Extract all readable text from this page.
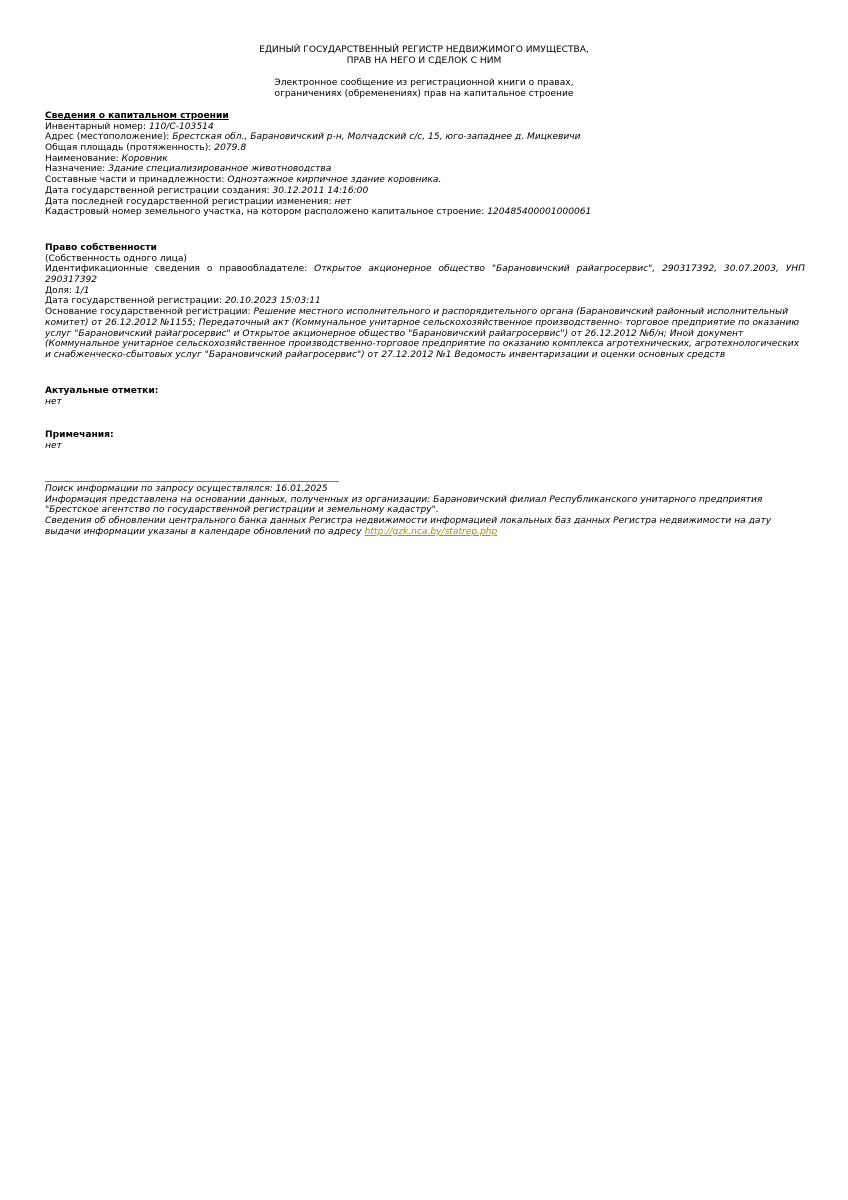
ЕДИНЫЙ ГОСУДАРСТВЕННЫЙ РЕГИСТР НЕДВИЖИМОГО ИМУЩЕСТВА,
ПРАВ НА НЕГО И СДЕЛОК С НИМ
Электронное сообщение из регистрационной книги о правах,
ограничениях (обременениях) прав на капитальное строение
Сведения о капитальном строении
Инвентарный номер: 110/C-103514
Адрес (местоположение): Брестская обл., Барановичский р-н, Молчадский с/с, 15, юго-западнее д. Мицкевичи
Общая площадь (протяженность): 2079.8
Наименование: Коровник
Назначение: Здание специализированное животноводства
Составные части и принадлежности: Одноэтажное кирпичное здание коровника.
Дата государственной регистрации создания: 30.12.2011 14:16:00
Дата последней государственной регистрации изменения: нет
Кадастровый номер земельного участка, на котором расположено капитальное строение: 120485400001000061
Право собственности
(Собственность одного лица)
Идентификационные сведения о правообладателе: Открытое акционерное общество "Барановичский райагросервис", 290317392, 30.07.2003, УНП 290317392
Доля: 1/1
Дата государственной регистрации: 20.10.2023 15:03:11
Основание государственной регистрации: Решение местного исполнительного и распорядительного органа (Барановичский районный исполнительный комитет) от 26.12.2012 №1155; Передаточный акт (Коммунальное унитарное сельскохозяйственное производственно- торговое предприятие по оказанию услуг "Барановичский райагросервис" и Открытое акционерное общество "Барановичский райагросервис") от 26.12.2012 №б/н; Иной документ (Коммунальное унитарное сельскохозяйственное производственно-торговое предприятие по оказанию комплекса агротехнических, агротехнологических и снабженческо-сбытовых услуг "Барановичский райагросервис") от 27.12.2012 №1 Ведомость инвентаризации и оценки основных средств
Актуальные отметки:
нет
Примечания:
нет
Поиск информации по запросу осуществлялся: 16.01.2025
Информация представлена на основании данных, полученных из организации: Барановичский филиал Республиканского унитарного предприятия "Брестское агентство по государственной регистрации и земельному кадастру".
Сведения об обновлении центрального банка данных Регистра недвижимости информацией локальных баз данных Регистра недвижимости на дату выдачи информации указаны в календаре обновлений по адресу http://gzk.nca.by/statrep.php
